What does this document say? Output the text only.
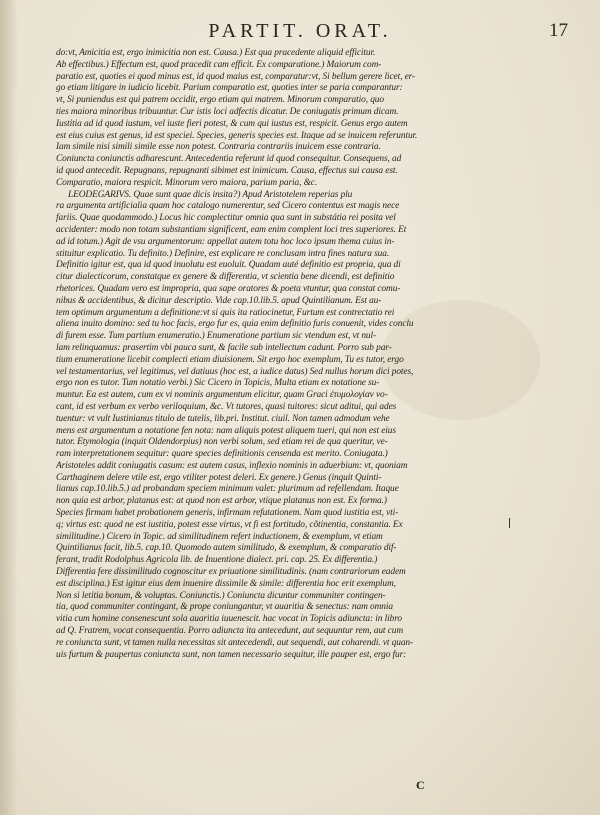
PARTIT. ORAT.	17
do:vt, Amicitia est, ergo inimicitia non est. Causa.) Est qua pracedente aliquid efficitur.
Ab effectibus.) Effectum est, quod pracedit cam efficit. Ex comparatione.) Maiorum com-
paratio est, quoties ei quod minus est, id quod maius est, comparatur:vt, Si bellum gerere licet, er-
go etiam litigare in iudicio licebit. Parium comparatio est, quoties inter se paria comparantur:
vt, Si puniendus est qui patrem occidit, ergo etiam qui matrem. Minorum comparatio, quo
ties maiora minoribus tribuuntur. Cur istis loci adfectis dicatur. De coniugatis primum dicam.
Iustitia ad id quod iustum, vel iuste fieri potest, & cum qui iustus est, respicit. Genus ergo autem
est eius cuius est genus, id est speciei. Species, generis species est. Itaque ad se inuicem referuntur.
Iam simile nisi simili simile esse non potest. Contraria contrariis inuicem esse contraria.
Coniuncta coniunctis adharescunt. Antecedentia referunt id quod consequitur. Consequens, ad
id quod antecedit. Repugnans, repugnanti sibimet est inimicum. Causa, effectus sui causa est.
Comparatio, maiora respicit. Minorum vero maiora, parium paria, &c.
LEODEGARIVS. Quae sunt quae dicis insita?) Apud Aristotelem reperias plu
ra argumenta artificialia quam hoc catalogo numerentur, sed Cicero contentus est magis nece
fariis. Quae quodammodo.) Locus hic complectitur omnia qua sunt in substátia rei posita vel
accidenter: modo non totam substantiam significent, eam enim complent loci tres superiores. Et
ad id totum.) Agit de vsu argumentorum: appellat autem totu hoc loco ipsum thema cuius in-
stituitur explicatio. Tu definito.) Definire, est explicare re conclusam intra fines natura sua.
Definitio igitur est, qua id quod inuolutu est euoluit. Quadam auté definitio est propria, qua di
citur dialecticorum, constatque ex genere & differentia, vt scientia bene dicendi, est definitio
rhetorices. Quadam vero est impropria, qua sape oratores & poeta vtuntur, qua constat comu-
nibus & accidentibus, & dicitur descriptio. Vide cap.10.lib.5. apud Quintilianum. Est au-
tem optimum argumentum a definitione:vt si quis ita ratiocinetur, Furtum est contrectatio rei
aliena inuito domino: sed tu hoc facis, ergo fur es, quia enim definitio furis conuenit, vides conclu
di furem esse. Tum partium enumeratio.) Enumeratione partium sic vtendum est, vt nul-
lam relinquamus: prasertim vbi pauca sunt, & facile sub intellectum cadunt. Porro sub par-
tium enumeratione licebit complecti etiam diuisionem. Sit ergo hoc exemplum, Tu es tutor, ergo
vel testamentarius, vel legitimus, vel datiuus (hoc est, a iudice datus) Sed nullus horum dici potes,
ergo non es tutor. Tum notatio verbi.) Sic Cicero in Topicis, Multa etiam ex notatione su-
muntur. Ea est autem, cum ex vi nominis argumentum elicitur, quam Graci ἐτυμολογίαν vo-
cant, id est verbum ex verbo veriloquium, &c. Vt tutores, quasi tuitores: sicut aditui, qui ades
tuentur: vt vult Iustinianus titulo de tutelis, lib.pri. Institut. ciuil. Non tamen admodum vehe
mens est argumentum a notatione fen nota: nam aliquis potest aliquem tueri, qui non est eius
tutor. Etymologia (inquit Oldendorpius) non verbi solum, sed etiam rei de qua queritur, ve-
ram interpretationem sequitur: quare species definitionis censenda est merito. Coniugata.)
Aristoteles addit coniugatis casum: est autem casus, inflexio nominis in aduerbium: vt, quoniam
Carthaginem delere vtile est, ergo vtiliter potest deleri. Ex genere.) Genus (inquit Quinti-
lianus cap.10.lib.5.) ad probandam speciem minimum valet: plurimum ad refellendam. Itaque
non quia est arbor, platanus est: at quod non est arbor, vtique platanus non est. Ex forma.)
Species firmam habet probationem generis, infirmam refutationem. Nam quod iustitia est, vti-
q; virtus est: quod ne est iustitia, potest esse virtus, vt fi est fortitudo, cõtinentia, constantia. Ex
similitudine.) Cicero in Topic. ad similitudinem refert inductionem, & exemplum, vt etiam
Quintilianus facit, lib.5. cap.10. Quomodo autem similitudo, & exemplum, & comparatio dif-
ferant, tradit Rodolphus Agricola lib. de Inuentione dialect. pri. cap. 25. Ex differentia.)
Differentia fere dissimilitudo cognoscitur ex priuatione similitudinis. (nam contrariorum eadem
est disciplina.) Est igitur eius dem inuenire dissimile & simile: differentia hoc erit exemplum,
Non si letitia bonum, & voluptas. Coniunctis.) Coniuncta dicuntur communiter contingen-
tia, quod communiter contingant, & prope coniungantur, vt auaritia & senectus: nam omnia
vitia cum homine consenescunt sola auaritia iuuenescit. hac vocat in Topicis adiuncta: in libro
ad Q. Fratrem, vocat consequentia. Porro adiuncta ita antecedunt, aut sequuntur rem, aut cum
re coniuncta sunt, vt tamen nulla necessitas sit antecedendi, aut sequendi, aut coharendi. vt quan-
uis furtum & paupertas coniuncta sunt, non tamen necessario sequitur, ille pauper est, ergo fur:
C
